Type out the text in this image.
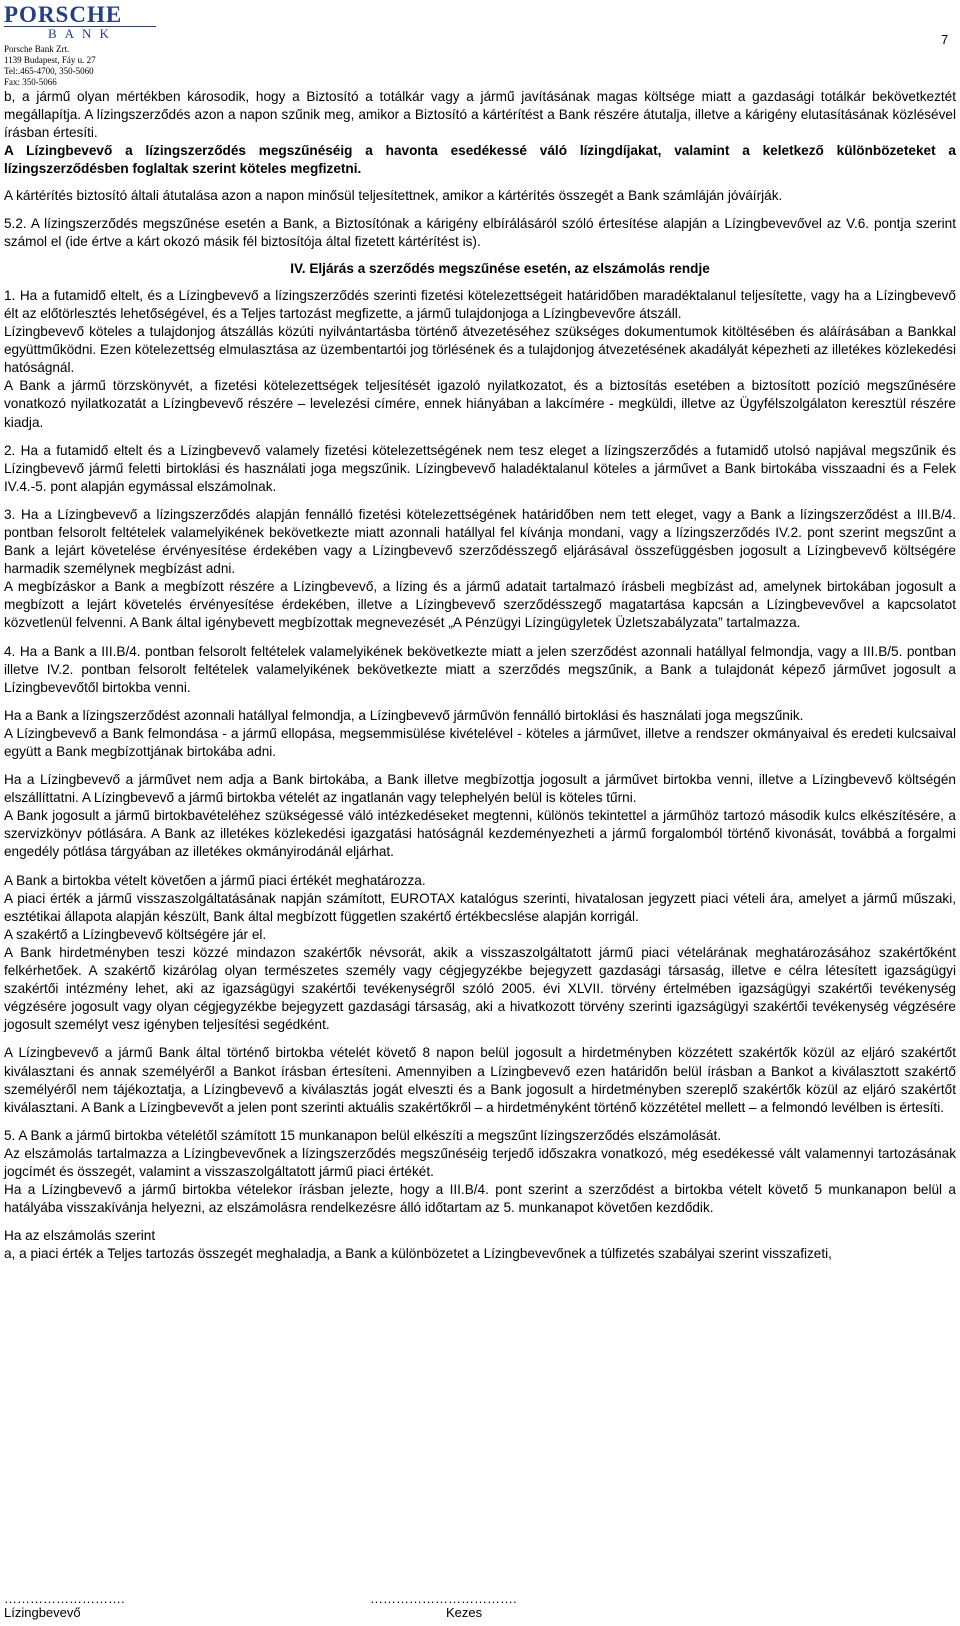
PORSCHE
BANK
Porsche Bank Zrt.
1139 Budapest, Fáy u. 27
Tel:.465-4700, 350-5060
Fax: 350-5066
7

b, a jármű olyan mértékben károsodik, hogy a Biztosító a totálkár vagy a jármű javításának magas költsége miatt a gazdasági totálkár bekövetkeztét megállapítja. A lízingszerződés azon a napon szűnik meg, amikor a Biztosító a kártérítést a Bank részére átutalja, illetve a kárigény elutasításának közlésével írásban értesíti.

A Lízingbevevő a lízingszerződés megszűnéséig a havonta esedékessé váló lízingdíjakat, valamint a keletkező különbözeteket a lízingszerződésben foglaltak szerint köteles megfizetni.

A kártérítés biztosító általi átutalása azon a napon minősül teljesítettnek, amikor a kártérítés összegét a Bank számláján jóváírják.

5.2. A lízingszerződés megszűnése esetén a Bank, a Biztosítónak a kárigény elbírálásáról szóló értesítése alapján a Lízingbevevővel az V.6. pontja szerint számol el (ide értve a kárt okozó másik fél biztosítója által fizetett kártérítést is).

IV. Eljárás a szerződés megszűnése esetén, az elszámolás rendje

1. Ha a futamidő eltelt, és a Lízingbevevő a lízingszerződés szerinti fizetési kötelezettségeit határidőben maradéktalanul teljesítette, vagy ha a Lízingbevevő élt az előtörlesztés lehetőségével, és a Teljes tartozást megfizette, a jármű tulajdonjoga a Lízingbevevőre átszáll.

Lízingbevevő köteles a tulajdonjog átszállás közúti nyilvántartásba történő átvezetéséhez szükséges dokumentumok kitöltésében és aláírásában a Bankkal együttműködni. Ezen kötelezettség elmulasztása az üzembentartói jog törlésének és a tulajdonjog átvezetésének akadályát képezheti az illetékes közlekedési hatóságnál.

A Bank a jármű törzskönyvét, a fizetési kötelezettségek teljesítését igazoló nyilatkozatot, és a biztosítás esetében a biztosított pozíció megszűnésére vonatkozó nyilatkozatát a Lízingbevevő részére – levelezési címére, ennek hiányában a lakcímére - megküldi, illetve az Ügyfélszolgálaton keresztül részére kiadja.

2. Ha a futamidő eltelt és a Lízingbevevő valamely fizetési kötelezettségének nem tesz eleget a lízingszerződés a futamidő utolsó napjával megszűnik és Lízingbevevő jármű feletti birtoklási és használati joga megszűnik. Lízingbevevő haladéktalanul köteles a járművet a Bank birtokába visszaadni és a Felek IV.4.-5. pont alapján egymással elszámolnak.

3. Ha a Lízingbevevő a lízingszerződés alapján fennálló fizetési kötelezettségének határidőben nem tett eleget, vagy a Bank a lízingszerződést a III.B/4. pontban felsorolt feltételek valamelyikének bekövetkezte miatt azonnali hatállyal fel kívánja mondani, vagy a lízingszerződés IV.2. pont szerint megszűnt a Bank a lejárt követelése érvényesítése érdekében vagy a Lízingbevevő szerződésszegő eljárásával összefüggésben jogosult a Lízingbevevő költségére harmadik személynek megbízást adni.

A megbízáskor a Bank a megbízott részére a Lízingbevevő, a lízing és a jármű adatait tartalmazó írásbeli megbízást ad, amelynek birtokában jogosult a megbízott a lejárt követelés érvényesítése érdekében, illetve a Lízingbevevő szerződésszegő magatartása kapcsán a Lízingbevevővel a kapcsolatot közvetlenül felvenni. A Bank által igénybevett megbízottak megnevezését „A Pénzügyi Lízingügyletek Üzletszabályzata” tartalmazza.

4. Ha a Bank a III.B/4. pontban felsorolt feltételek valamelyikének bekövetkezte miatt a jelen szerződést azonnali hatállyal felmondja, vagy a III.B/5. pontban illetve IV.2. pontban felsorolt feltételek valamelyikének bekövetkezte miatt a szerződés megszűnik, a Bank a tulajdonát képező járművet jogosult a Lízingbevevőtől birtokba venni.

Ha a Bank a lízingszerződést azonnali hatállyal felmondja, a Lízingbevevő járművön fennálló birtoklási és használati joga megszűnik.

A Lízingbevevő a Bank felmondása - a jármű ellopása, megsemmisülése kivételével - köteles a járművet, illetve a rendszer okmányaival és eredeti kulcsaival együtt a Bank megbízottjának birtokába adni.

Ha a Lízingbevevő a járművet nem adja a Bank birtokába, a Bank illetve megbízottja jogosult a járművet birtokba venni, illetve a Lízingbevevő költségén elszállíttatni. A Lízingbevevő a jármű birtokba vételét az ingatlanán vagy telephelyén belül is köteles tűrni.

A Bank jogosult a jármű birtokbavételéhez szükségessé váló intézkedéseket megtenni, különös tekintettel a járműhöz tartozó második kulcs elkészítésére, a szervizkönyv pótlására. A Bank az illetékes közlekedési igazgatási hatóságnál kezdeményezheti a jármű forgalomból történő kivonását, továbbá a forgalmi engedély pótlása tárgyában az illetékes okmányirodánál eljárhat.

A Bank a birtokba vételt követően a jármű piaci értékét meghatározza.

A piaci érték a jármű visszaszolgáltatásának napján számított, EUROTAX katalógus szerinti, hivatalosan jegyzett piaci vételi ára, amelyet a jármű műszaki, esztétikai állapota alapján készült, Bank által megbízott független szakértő értékbecslése alapján korrigál.

A szakértő a Lízingbevevő költségére jár el.

A Bank hirdetményben teszi közzé mindazon szakértők névsorát, akik a visszaszolgáltatott jármű piaci vételárának meghatározásához szakértőként felkérhetőek. A szakértő kizárólag olyan természetes személy vagy cégjegyzékbe bejegyzett gazdasági társaság, illetve e célra létesített igazságügyi szakértői intézmény lehet, aki az igazságügyi szakértői tevékenységről szóló 2005. évi XLVII. törvény értelmében igazságügyi szakértői tevékenység végzésére jogosult vagy olyan cégjegyzékbe bejegyzett gazdasági társaság, aki a hivatkozott törvény szerinti igazságügyi szakértői tevékenység végzésére jogosult személyt vesz igényben teljesítési segédként.

A Lízingbevevő a jármű Bank által történő birtokba vételét követő 8 napon belül jogosult a hirdetményben közzétett szakértők közül az eljáró szakértőt kiválasztani és annak személyéről a Bankot írásban értesíteni. Amennyiben a Lízingbevevő ezen határidőn belül írásban a Bankot a kiválasztott szakértő személyéről nem tájékoztatja, a Lízingbevevő a kiválasztás jogát elveszti és a Bank jogosult a hirdetményben szereplő szakértők közül az eljáró szakértőt kiválasztani. A Bank a Lízingbevevőt a jelen pont szerinti aktuális szakértőkről – a hirdetményként történő közzététel mellett – a felmondó levélben is értesíti.

5. A Bank a jármű birtokba vételétől számított 15 munkanapon belül elkészíti a megszűnt lízingszerződés elszámolását.

Az elszámolás tartalmazza a Lízingbevevőnek a lízingszerződés megszűnéséig terjedő időszakra vonatkozó, még esedékessé vált valamennyi tartozásának jogcímét és összegét, valamint a visszaszolgáltatott jármű piaci értékét.

Ha a Lízingbevevő a jármű birtokba vételekor írásban jelezte, hogy a III.B/4. pont szerint a szerződést a birtokba vételt követő 5 munkanapon belül a hatályába visszakívánja helyezni, az elszámolásra rendelkezésre álló időtartam az 5. munkanapot követően kezdődik.

Ha az elszámolás szerint

a, a piaci érték a Teljes tartozás összegét meghaladja, a Bank a különbözetet a Lízingbevevőnek a túlfizetés szabályai szerint visszafizeti,

……………………….
Lízingbevevő
…………………………….
Kezes
